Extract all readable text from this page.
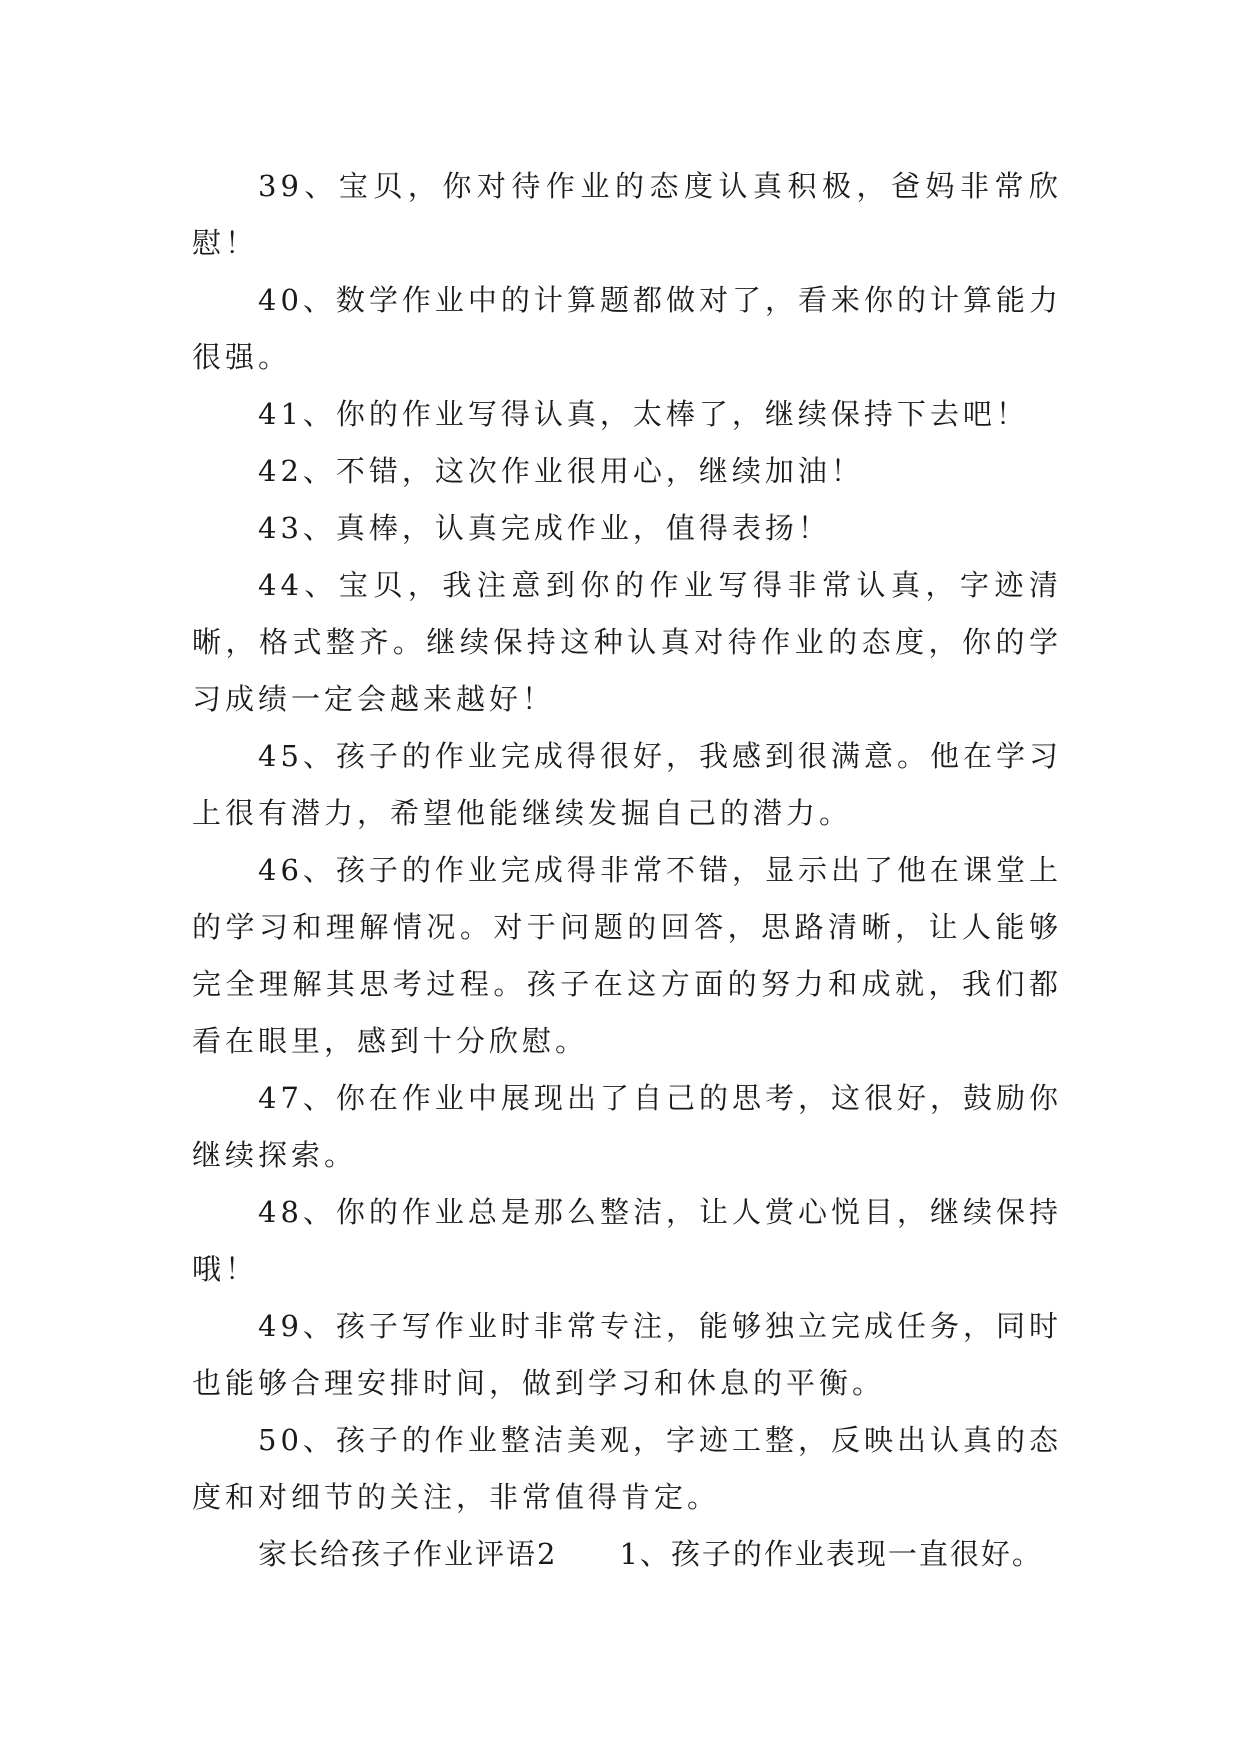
39、宝贝，你对待作业的态度认真积极，爸妈非常欣慰！

40、数学作业中的计算题都做对了，看来你的计算能力很强。

41、你的作业写得认真，太棒了，继续保持下去吧！

42、不错，这次作业很用心，继续加油！

43、真棒，认真完成作业，值得表扬！

44、宝贝，我注意到你的作业写得非常认真，字迹清晰，格式整齐。继续保持这种认真对待作业的态度，你的学习成绩一定会越来越好！

45、孩子的作业完成得很好，我感到很满意。他在学习上很有潜力，希望他能继续发掘自己的潜力。

46、孩子的作业完成得非常不错，显示出了他在课堂上的学习和理解情况。对于问题的回答，思路清晰，让人能够完全理解其思考过程。孩子在这方面的努力和成就，我们都看在眼里，感到十分欣慰。

47、你在作业中展现出了自己的思考，这很好，鼓励你继续探索。

48、你的作业总是那么整洁，让人赏心悦目，继续保持哦！

49、孩子写作业时非常专注，能够独立完成任务，同时也能够合理安排时间，做到学习和休息的平衡。

50、孩子的作业整洁美观，字迹工整，反映出认真的态度和对细节的关注，非常值得肯定。

家长给孩子作业评语2 1、孩子的作业表现一直很好。
